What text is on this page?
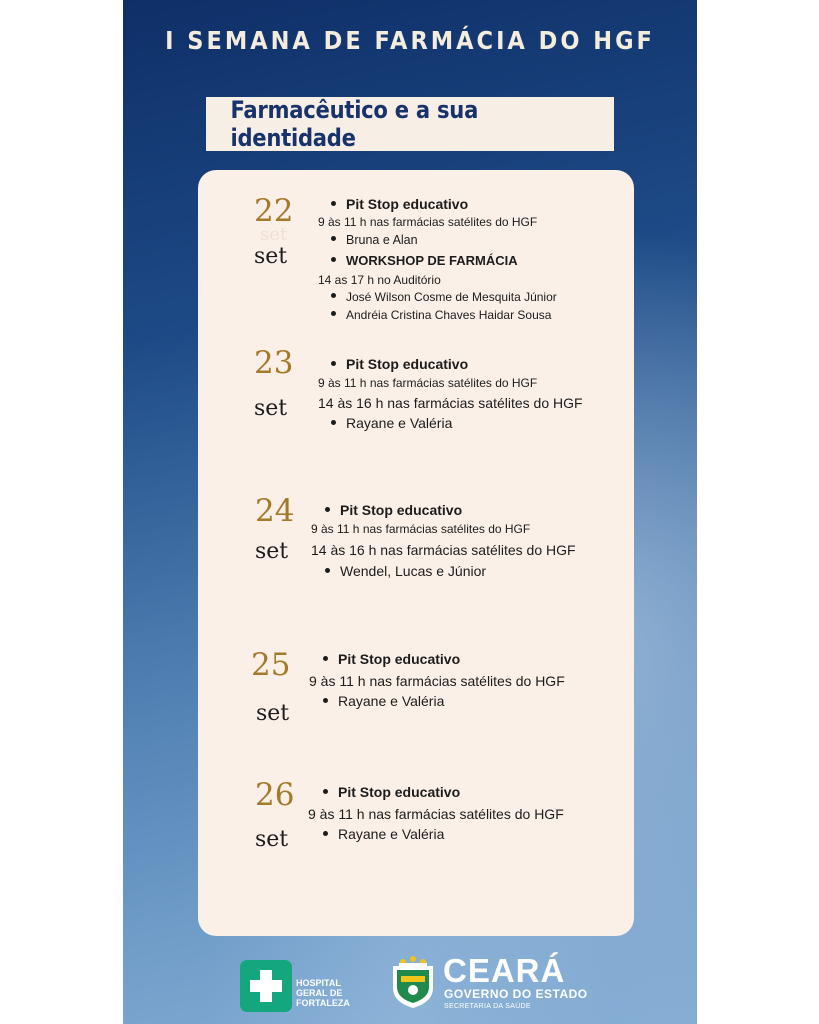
I SEMANA DE FARMÁCIA DO HGF
Farmacêutico e a sua identidade
22
set
set
Pit Stop educativo
9 às 11 h nas farmácias satélites do HGF
Bruna e Alan
WORKSHOP DE FARMÁCIA
14 as 17 h no Auditório
José Wilson Cosme de Mesquita Júnior
Andréia Cristina Chaves Haidar Sousa
23
set
Pit Stop educativo
9 às 11 h nas farmácias satélites do HGF
14 às 16 h nas farmácias satélites do HGF
Rayane e Valéria
24
set
Pit Stop educativo
9 às 11 h nas farmácias satélites do HGF
14 às 16 h nas farmácias satélites do HGF
Wendel, Lucas e Júnior
25
set
Pit Stop educativo
9 às 11 h nas farmácias satélites do HGF
Rayane e Valéria
26
set
Pit Stop educativo
9 às 11 h nas farmácias satélites do HGF
Rayane e Valéria
HOSPITAL
GERAL DE
FORTALEZA
CEARÁ
GOVERNO DO ESTADO
SECRETARIA DA SAÚDE
